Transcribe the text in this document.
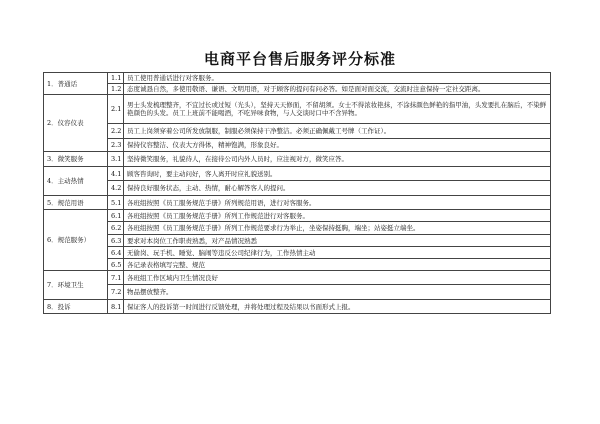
电商平台售后服务评分标准
1．普通话	1.1	员工使用普通话进行对客服务。
	1.2	态度诚恳自然，多使用敬语、谦语、文明用语，对于顾客的提问有问必答。如是面对面交流，交流时注意保持一定社交距离。
2．仪容仪表	2.1	男士头发梳理整齐，不宜过长或过短（光头），坚持天天修面，不留胡须。女士不得浓妆艳抹，不涂抹颜色鲜艳的指甲油，头发要扎在脑后，不染鲜艳颜色的头发。员工上班前不能喝酒，不吃异味食物，与人交谈时口中不含异物。
	2.2	员工上岗须穿着公司所发放制服，制服必须保持干净整洁。必须正确佩戴工号牌（工作证）。
	2.3	保持仪容整洁、仪表大方得体，精神饱满，形象良好。
3．微笑服务	3.1	坚持微笑服务，礼貌待人，在接待公司内外人员时，应注视对方，微笑应答。
4．主动热情	4.1	顾客咨询时，要主动问好，客人离开时应礼貌送别。
	4.2	保持良好服务状态，主动、热情，耐心解答客人的提问。
5．规范用语	5.1	各班组按照《员工服务规范手册》所列规范用语，进行对客服务。
6．规范服务）	6.1	各班组按照《员工服务规范手册》所列工作规范进行对客服务。
	6.2	各班组按照《员工服务规范手册》所列工作规范要求行为举止，坐姿保持挺胸，端坐；站姿挺立端坐。
	6.3	要求对本岗位工作职责熟悉，对产品情况熟悉
	6.4	无偷岗、玩手机、睡觉、脑闹等违反公司纪律行为，工作热情主动
	6.5	各记录表格填写完整、规范
7．环境卫生	7.1	各班组工作区域内卫生情况良好
	7.2	物品摆放整齐。
8．投诉	8.1	保证客人的投诉第一时间进行反馈处理，并将处理过程及结果以书面形式上报。
